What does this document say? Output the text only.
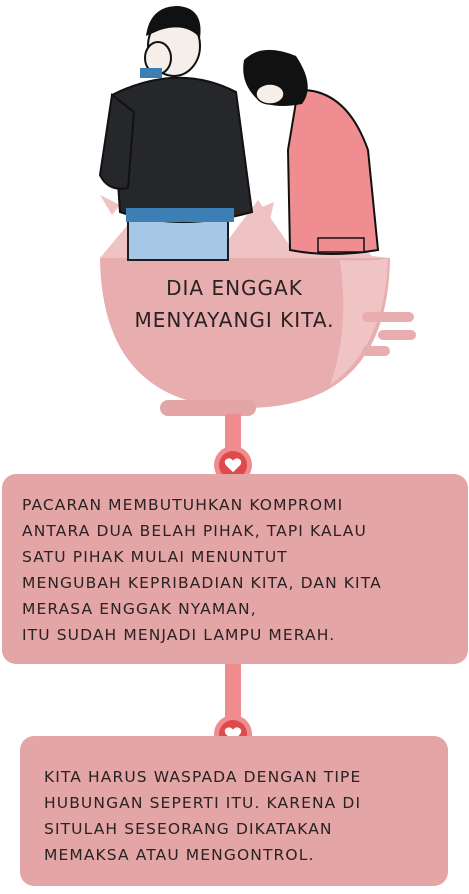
DIA ENGGAK
MENYAYANGI KITA.
PACARAN MEMBUTUHKAN KOMPROMI
ANTARA DUA BELAH PIHAK, TAPI KALAU
SATU PIHAK MULAI MENUNTUT
MENGUBAH KEPRIBADIAN KITA, DAN KITA
MERASA ENGGAK NYAMAN,
ITU SUDAH MENJADI LAMPU MERAH.
KITA HARUS WASPADA DENGAN TIPE
HUBUNGAN SEPERTI ITU. KARENA DI
SITULAH SESEORANG DIKATAKAN
MEMAKSA ATAU MENGONTROL.
